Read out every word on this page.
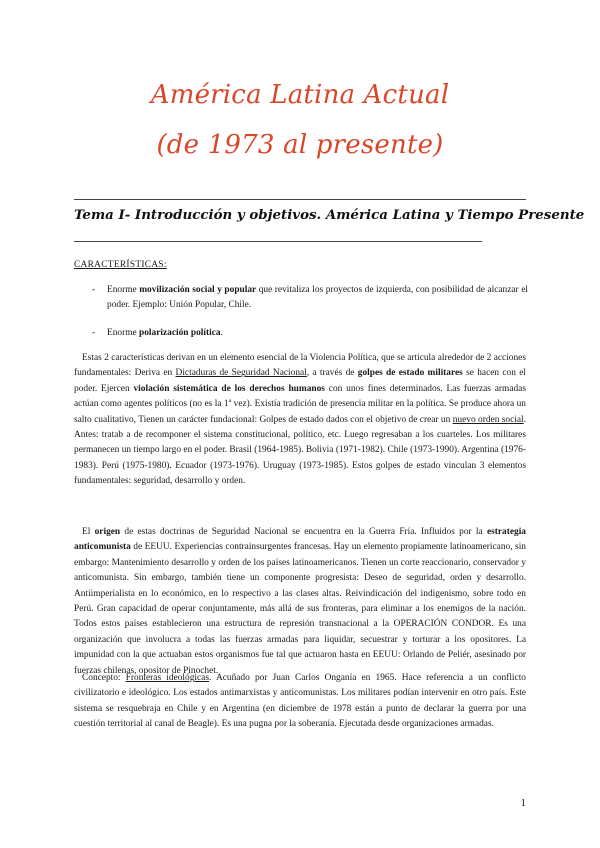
América Latina Actual
(de 1973 al presente)
Tema I- Introducción y objetivos. América Latina y Tiempo Presente
CARACTERÍSTICAS:
- Enorme movilización social y popular que revitaliza los proyectos de izquierda, con posibilidad de alcanzar el poder. Ejemplo: Unión Popular, Chile.
- Enorme polarización política.

Estas 2 características derivan en un elemento esencial de la Violencia Política, que se articula alrededor de 2 acciones fundamentales: Deriva en Dictaduras de Seguridad Nacional, a través de golpes de estado militares se hacen con el poder. Ejercen violación sistemática de los derechos humanos con unos fines determinados. Las fuerzas armadas actúan como agentes políticos (no es la 1ª vez). Existía tradición de presencia militar en la política. Se produce ahora un salto cualitativo, Tienen un carácter fundacional: Golpes de estado dados con el objetivo de crear un nuevo orden social. Antes: tratab a de recomponer el sistema constitucional, político, etc. Luego regresaban a los cuarteles. Los militares permanecen un tiempo largo en el poder. Brasil (1964-1985). Bolivia (1971-1982). Chile (1973-1990). Argentina (1976-1983). Perú (1975-1980). Ecuador (1973-1976). Uruguay (1973-1985). Estos golpes de estado vinculan 3 elementos fundamentales: seguridad, desarrollo y orden.

El origen de estas doctrinas de Seguridad Nacional se encuentra en la Guerra Fría. Influidos por la estrategia anticomunista de EEUU. Experiencias contrainsurgentes francesas. Hay un elemento propiamente latinoamericano, sin embargo: Mantenimiento desarrollo y orden de los países latinoamericanos. Tienen un corte reaccionario, conservador y anticomunista. Sin embargo, también tiene un componente progresista: Deseo de seguridad, orden y desarrollo. Antiimperialista en lo económico, en lo respectivo a las clases altas. Reivindicación del indigenismo, sobre todo en Perú. Gran capacidad de operar conjuntamente, más allá de sus fronteras, para eliminar a los enemigos de la nación. Todos estos países establecieron una estructura de represión transnacional a la OPERACIÓN CONDOR. Es una organización que involucra a todas las fuerzas armadas para liquidar, secuestrar y torturar a los opositores. La impunidad con la que actuaban estos organismos fue tal que actuaron hasta en EEUU: Orlando de Peliér, asesinado por fuerzas chilenas, opositor de Pinochet.

Concepto: Fronteras ideológicas. Acuñado por Juan Carlos Onganía en 1965. Hace referencia a un conflicto civilizatorio e ideológico. Los estados antimarxistas y anticomunistas. Los militares podían intervenir en otro país. Este sistema se resquebraja en Chile y en Argentina (en diciembre de 1978 están a punto de declarar la guerra por una cuestión territorial al canal de Beagle). Es una pugna por la soberanía. Ejecutada desde organizaciones armadas.

1
